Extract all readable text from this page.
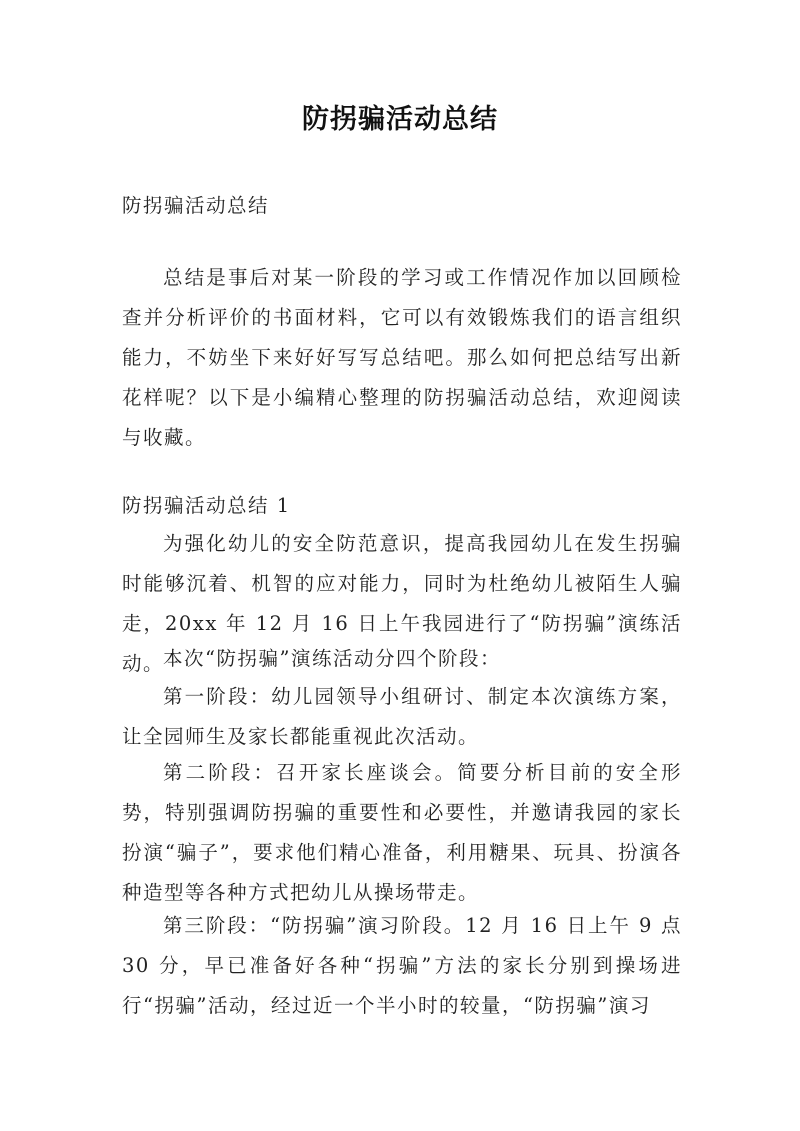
防拐骗活动总结

防拐骗活动总结

总结是事后对某一阶段的学习或工作情况作加以回顾检查并分析评价的书面材料，它可以有效锻炼我们的语言组织能力，不妨坐下来好好写写总结吧。那么如何把总结写出新花样呢？以下是小编精心整理的防拐骗活动总结，欢迎阅读与收藏。

防拐骗活动总结 1

为强化幼儿的安全防范意识，提高我园幼儿在发生拐骗时能够沉着、机智的应对能力，同时为杜绝幼儿被陌生人骗走，20xx 年 12 月 16 日上午我园进行了“防拐骗”演练活动。

本次“防拐骗”演练活动分四个阶段：

第一阶段：幼儿园领导小组研讨、制定本次演练方案，让全园师生及家长都能重视此次活动。

第二阶段：召开家长座谈会。简要分析目前的安全形势，特别强调防拐骗的重要性和必要性，并邀请我园的家长扮演“骗子”，要求他们精心准备，利用糖果、玩具、扮演各种造型等各种方式把幼儿从操场带走。

第三阶段：“防拐骗”演习阶段。12 月 16 日上午 9 点 30 分，早已准备好各种“拐骗”方法的家长分别到操场进行“拐骗”活动，经过近一个半小时的较量，“防拐骗”演习
